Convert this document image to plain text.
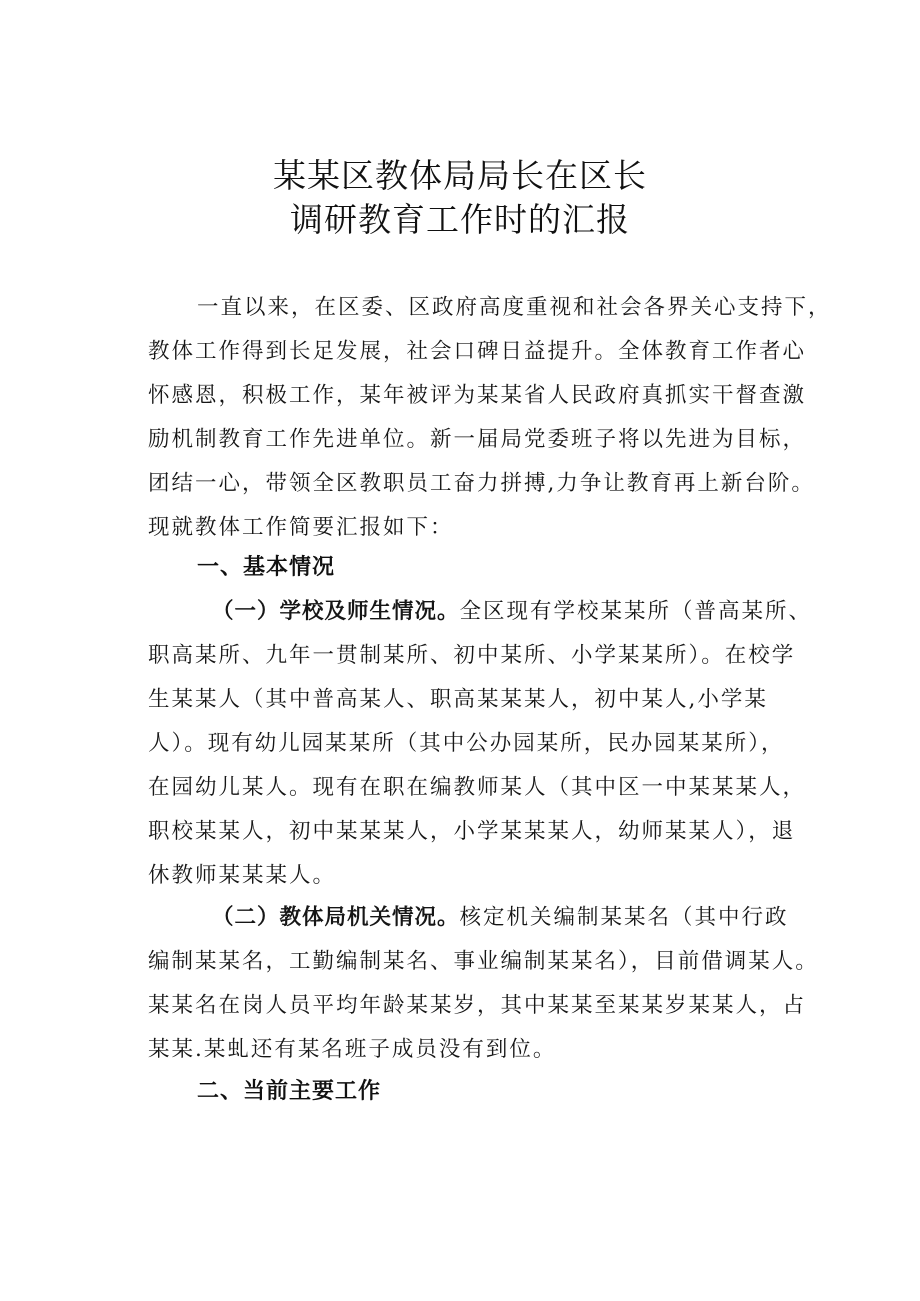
某某区教体局局长在区长
调研教育工作时的汇报
一直以来，在区委、区政府高度重视和社会各界关心支持下，
教体工作得到长足发展，社会口碑日益提升。全体教育工作者心
怀感恩，积极工作，某年被评为某某省人民政府真抓实干督查激
励机制教育工作先进单位。新一届局党委班子将以先进为目标，
团结一心，带领全区教职员工奋力拼搏,力争让教育再上新台阶。
现就教体工作简要汇报如下：
一、基本情况
（一）学校及师生情况。全区现有学校某某所（普高某所、
职高某所、九年一贯制某所、初中某所、小学某某所）。在校学
生某某人（其中普高某人、职高某某某人，初中某人,小学某
人）。现有幼儿园某某所（其中公办园某所，民办园某某所），
在园幼儿某人。现有在职在编教师某人（其中区一中某某某人，
职校某某人，初中某某某人，小学某某某人，幼师某某人），退
休教师某某某人。
（二）教体局机关情况。核定机关编制某某名（其中行政
编制某某名，工勤编制某名、事业编制某某名），目前借调某人。
某某名在岗人员平均年龄某某岁，其中某某至某某岁某某人，占
某某.某虬还有某名班子成员没有到位。
二、当前主要工作
